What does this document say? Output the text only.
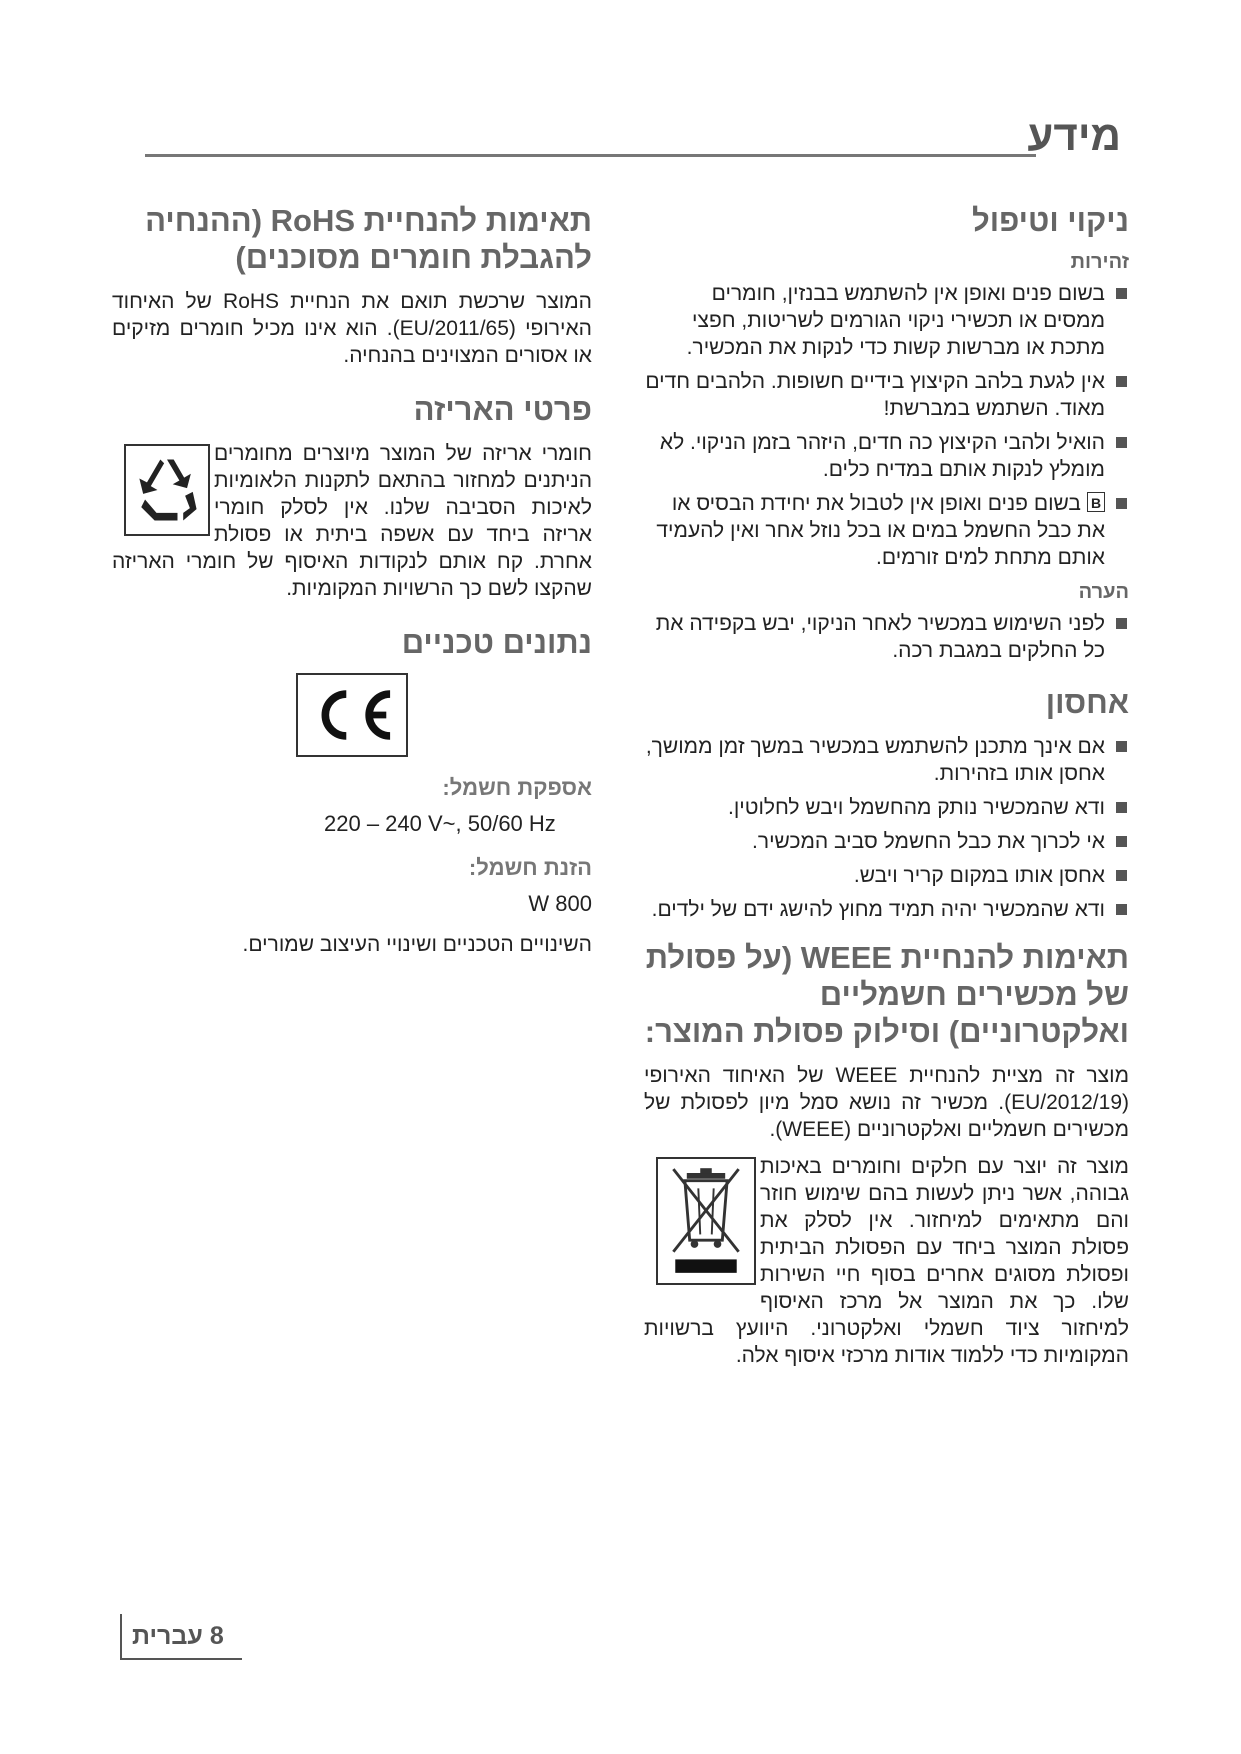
מידע
ניקוי וטיפול
זהירות
בשום פנים ואופן אין להשתמש בבנזין, חומרים ממסים או תכשירי ניקוי הגורמים לשריטות, חפצי מתכת או מברשות קשות כדי לנקות את המכשיר.
אין לגעת בלהב הקיצוץ בידיים חשופות. הלהבים חדים מאוד. השתמש במברשת!
הואיל ולהבי הקיצוץ כה חדים, היזהר בזמן הניקוי. לא מומלץ לנקות אותם במדיח כלים.
Bבשום פנים ואופן אין לטבול את יחידת הבסיס או את כבל החשמל במים או בכל נוזל אחר ואין להעמיד אותם מתחת למים זורמים.
הערה
לפני השימוש במכשיר לאחר הניקוי, יבש בקפידה את כל החלקים במגבת רכה.
אחסון
אם אינך מתכנן להשתמש במכשיר במשך זמן ממושך, אחסן אותו בזהירות.
ודא שהמכשיר נותק מהחשמל ויבש לחלוטין.
אי לכרוך את כבל החשמל סביב המכשיר.
אחסן אותו במקום קריר ויבש.
ודא שהמכשיר יהיה תמיד מחוץ להישג ידם של ילדים.
תאימות להנחיית WEEE (על פסולת של מכשירים חשמליים ואלקטרוניים) וסילוק פסולת המוצר:

מוצר זה מציית להנחיית WEEE של האיחוד האירופי (EU/2012/19). מכשיר זה נושא סמל מיון לפסולת של מכשירים חשמליים ואלקטרוניים (WEEE).

מוצר זה יוצר עם חלקים וחומרים באיכות גבוהה, אשר ניתן לעשות בהם שימוש חוזר והם מתאימים למיחזור. אין לסלק את פסולת המוצר ביחד עם הפסולת הביתית ופסולת מסוגים אחרים בסוף חיי השירות שלו. כך את המוצר אל מרכז האיסוף למיחזור ציוד חשמלי ואלקטרוני. היוועץ ברשויות המקומיות כדי ללמוד אודות מרכזי איסוף אלה.

תאימות להנחיית RoHS (ההנחיה להגבלת חומרים מסוכנים)

המוצר שרכשת תואם את הנחיית RoHS של האיחוד האירופי (EU/2011/65). הוא אינו מכיל חומרים מזיקים או אסורים המצוינים בהנחיה.

פרטי האריזה

חומרי אריזה של המוצר מיוצרים מחומרים הניתנים למחזור בהתאם לתקנות הלאומיות לאיכות הסביבה שלנו. אין לסלק חומרי אריזה ביחד עם אשפה ביתית או פסולת אחרת. קח אותם לנקודות האיסוף של חומרי האריזה שהקצו לשם כך הרשויות המקומיות.

נתונים טכניים
אספקת חשמל:
220 – 240 V~, 50/60 Hz
הזנת חשמל:
800 W

השינויים הטכניים ושינויי העיצוב שמורים.

8 עברית
